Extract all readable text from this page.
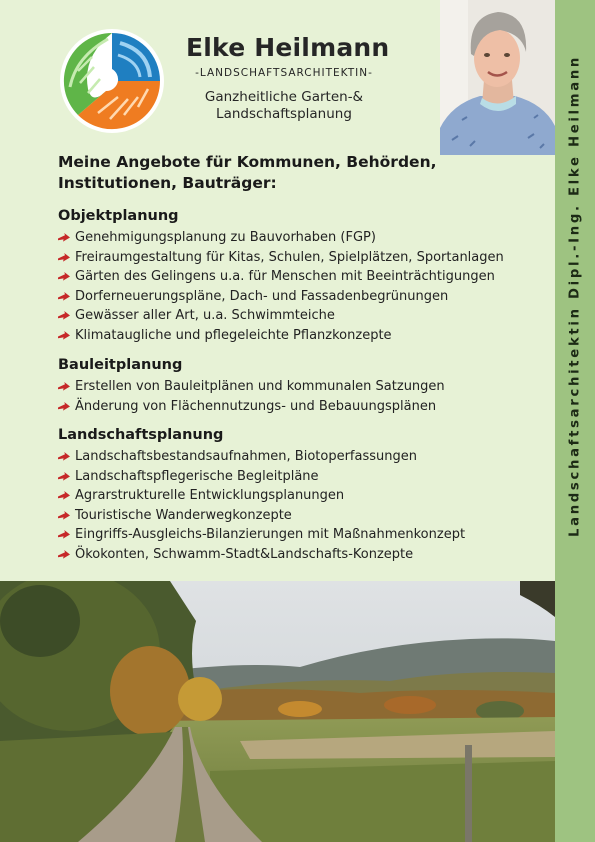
Elke Heilmann
-LANDSCHAFTSARCHITEKTIN-
Ganzheitliche Garten-&
Landschaftsplanung
Meine Angebote für Kommunen, Behörden,
Institutionen, Bauträger:
Objektplanung
Genehmigungsplanung zu Bauvorhaben (FGP)
Freiraumgestaltung für Kitas, Schulen, Spielplätzen, Sportanlagen
Gärten des Gelingens u.a. für Menschen mit Beeinträchtigungen
Dorferneuerungspläne, Dach- und Fassadenbegrünungen
Gewässer aller Art, u.a. Schwimmteiche
Klimataugliche und pflegeleichte Pflanzkonzepte
Bauleitplanung
Erstellen von Bauleitplänen und kommunalen Satzungen
Änderung von Flächennutzungs- und Bebauungsplänen
Landschaftsplanung
Landschaftsbestandsaufnahmen, Biotoperfassungen
Landschaftspflegerische Begleitpläne
Agrarstrukturelle Entwicklungsplanungen
Touristische Wanderwegkonzepte
Eingriffs-Ausgleichs-Bilanzierungen mit Maßnahmenkonzept
Ökokonten, Schwamm-Stadt&Landschafts-Konzepte
Landschaftsarchitektin Dipl.-Ing. Elke Heilmann
